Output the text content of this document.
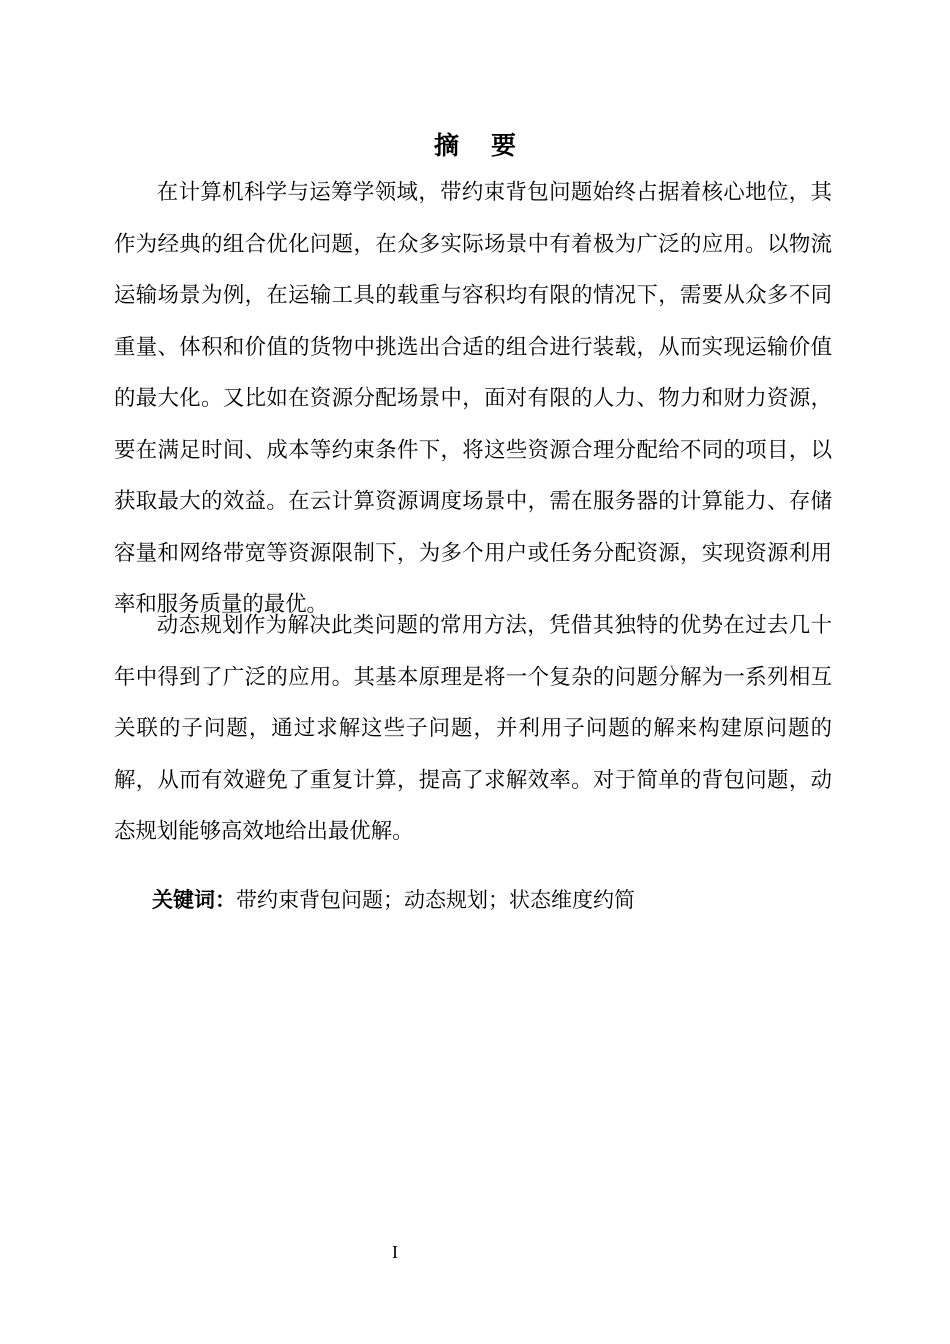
摘要

在计算机科学与运筹学领域，带约束背包问题始终占据着核心地位，其作为经典的组合优化问题，在众多实际场景中有着极为广泛的应用。以物流运输场景为例，在运输工具的载重与容积均有限的情况下，需要从众多不同重量、体积和价值的货物中挑选出合适的组合进行装载，从而实现运输价值的最大化。又比如在资源分配场景中，面对有限的人力、物力和财力资源，要在满足时间、成本等约束条件下，将这些资源合理分配给不同的项目，以获取最大的效益。在云计算资源调度场景中，需在服务器的计算能力、存储容量和网络带宽等资源限制下，为多个用户或任务分配资源，实现资源利用率和服务质量的最优。

动态规划作为解决此类问题的常用方法，凭借其独特的优势在过去几十年中得到了广泛的应用。其基本原理是将一个复杂的问题分解为一系列相互关联的子问题，通过求解这些子问题，并利用子问题的解来构建原问题的解，从而有效避免了重复计算，提高了求解效率。对于简单的背包问题，动态规划能够高效地给出最优解。

关键词：带约束背包问题；动态规划；状态维度约简
I
